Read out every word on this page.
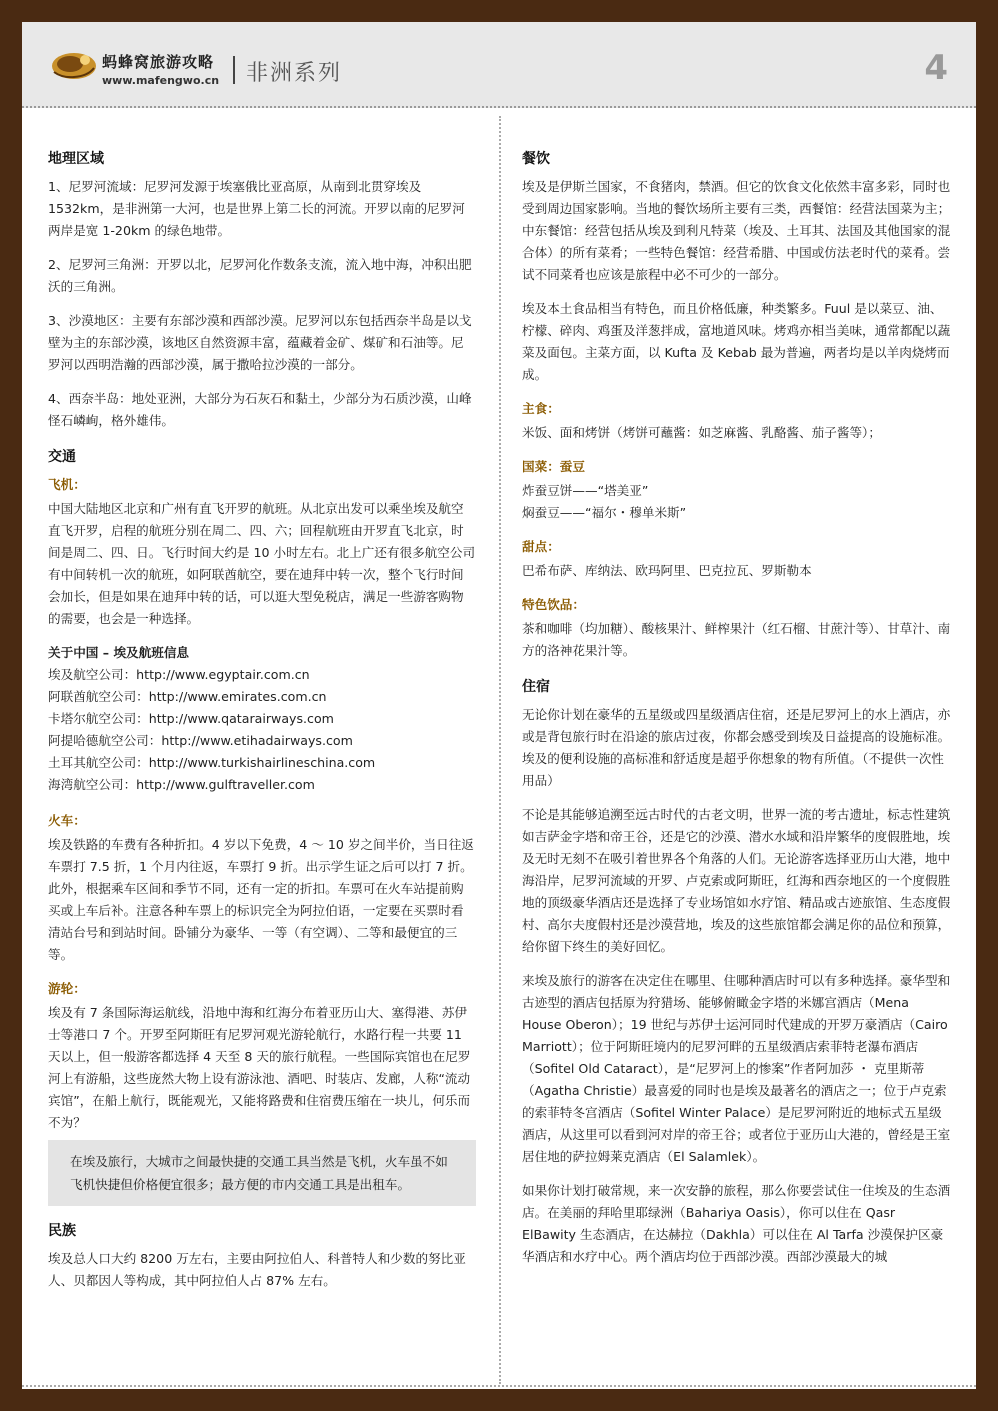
蚂蜂窝旅游攻略
www.mafengwo.cn 非洲系列	4
地理区域

1、尼罗河流域：尼罗河发源于埃塞俄比亚高原，从南到北贯穿埃及1532km，是非洲第一大河，也是世界上第二长的河流。开罗以南的尼罗河两岸是宽 1-20km 的绿色地带。

2、尼罗河三角洲：开罗以北，尼罗河化作数条支流，流入地中海，冲积出肥沃的三角洲。

3、沙漠地区：主要有东部沙漠和西部沙漠。尼罗河以东包括西奈半岛是以戈壁为主的东部沙漠，该地区自然资源丰富，蕴藏着金矿、煤矿和石油等。尼罗河以西明浩瀚的西部沙漠，属于撒哈拉沙漠的一部分。

4、西奈半岛：地处亚洲，大部分为石灰石和黏土，少部分为石质沙漠，山峰怪石嶙峋，格外雄伟。

交通
飞机：

中国大陆地区北京和广州有直飞开罗的航班。从北京出发可以乘坐埃及航空直飞开罗，启程的航班分别在周二、四、六；回程航班由开罗直飞北京，时间是周二、四、日。飞行时间大约是 10 小时左右。北上广还有很多航空公司有中间转机一次的航班，如阿联酋航空，要在迪拜中转一次，整个飞行时间会加长，但是如果在迪拜中转的话，可以逛大型免税店，满足一些游客购物的需要，也会是一种选择。

关于中国 – 埃及航班信息
埃及航空公司：http://www.egyptair.com.cn
阿联酋航空公司：http://www.emirates.com.cn
卡塔尔航空公司：http://www.qatarairways.com
阿提哈德航空公司：http://www.etihadairways.com
土耳其航空公司：http://www.turkishairlineschina.com
海湾航空公司：http://www.gulftraveller.com
火车：

埃及铁路的车费有各种折扣。4 岁以下免费，4 ～ 10 岁之间半价，当日往返车票打 7.5 折，1 个月内往返，车票打 9 折。出示学生证之后可以打 7 折。此外，根据乘车区间和季节不同，还有一定的折扣。车票可在火车站提前购买或上车后补。注意各种车票上的标识完全为阿拉伯语，一定要在买票时看清站台号和到站时间。卧铺分为豪华、一等（有空调）、二等和最便宜的三等。

游轮：

埃及有 7 条国际海运航线，沿地中海和红海分布着亚历山大、塞得港、苏伊士等港口 7 个。开罗至阿斯旺有尼罗河观光游轮航行，水路行程一共要 11 天以上，但一般游客都选择 4 天至 8 天的旅行航程。一些国际宾馆也在尼罗河上有游船，这些庞然大物上设有游泳池、酒吧、时装店、发廊，人称“流动宾馆”，在船上航行，既能观光，又能将路费和住宿费压缩在一块儿，何乐而不为？

在埃及旅行，大城市之间最快捷的交通工具当然是飞机，火车虽不如飞机快捷但价格便宜很多；最方便的市内交通工具是出租车。
民族

埃及总人口大约 8200 万左右，主要由阿拉伯人、科普特人和少数的努比亚人、贝都因人等构成，其中阿拉伯人占 87% 左右。

餐饮

埃及是伊斯兰国家，不食猪肉，禁酒。但它的饮食文化依然丰富多彩，同时也受到周边国家影响。当地的餐饮场所主要有三类，西餐馆：经营法国菜为主；中东餐馆：经营包括从埃及到利凡特菜（埃及、土耳其、法国及其他国家的混合体）的所有菜肴；一些特色餐馆：经营希腊、中国或仿法老时代的菜肴。尝试不同菜肴也应该是旅程中必不可少的一部分。

埃及本土食品相当有特色，而且价格低廉，种类繁多。Fuul 是以菜豆、油、柠檬、碎肉、鸡蛋及洋葱拌成，富地道风味。烤鸡亦相当美味，通常都配以蔬菜及面包。主菜方面，以 Kufta 及 Kebab 最为普遍，两者均是以羊肉烧烤而成。

主食：

米饭、面和烤饼（烤饼可蘸酱：如芝麻酱、乳酪酱、茄子酱等）；

国菜：蚕豆
炸蚕豆饼——“塔美亚”
焖蚕豆——“福尔・穆单米斯”
甜点：

巴希布萨、库纳法、欧玛阿里、巴克拉瓦、罗斯勒本

特色饮品：

茶和咖啡（均加糖）、酸核果汁、鲜榨果汁（红石榴、甘蔗汁等）、甘草汁、南方的洛神花果汁等。

住宿

无论你计划在豪华的五星级或四星级酒店住宿，还是尼罗河上的水上酒店，亦或是背包旅行时在沿途的旅店过夜，你都会感受到埃及日益提高的设施标准。埃及的便利设施的高标准和舒适度是超乎你想象的物有所值。（不提供一次性用品）

不论是其能够追溯至远古时代的古老文明，世界一流的考古遗址，标志性建筑如吉萨金字塔和帝王谷，还是它的沙漠、潜水水域和沿岸繁华的度假胜地，埃及无时无刻不在吸引着世界各个角落的人们。无论游客选择亚历山大港，地中海沿岸，尼罗河流域的开罗、卢克索或阿斯旺，红海和西奈地区的一个度假胜地的顶级豪华酒店还是选择了专业场馆如水疗馆、精品或古迹旅馆、生态度假村、高尔夫度假村还是沙漠营地，埃及的这些旅馆都会满足你的品位和预算，给你留下终生的美好回忆。

来埃及旅行的游客在决定住在哪里、住哪种酒店时可以有多种选择。豪华型和古迹型的酒店包括原为狩猎场、能够俯瞰金字塔的米娜宫酒店（Mena House Oberon）；19 世纪与苏伊士运河同时代建成的开罗万豪酒店（Cairo Marriott）；位于阿斯旺境内的尼罗河畔的五星级酒店索菲特老瀑布酒店（Sofitel Old Cataract），是“尼罗河上的惨案”作者阿加莎 ・ 克里斯蒂（Agatha Christie）最喜爱的同时也是埃及最著名的酒店之一；位于卢克索的索菲特冬宫酒店（Sofitel Winter Palace）是尼罗河附近的地标式五星级酒店，从这里可以看到河对岸的帝王谷；或者位于亚历山大港的，曾经是王室居住地的萨拉姆莱克酒店（El Salamlek）。

如果你计划打破常规，来一次安静的旅程，那么你要尝试住一住埃及的生态酒店。在美丽的拜哈里耶绿洲（Bahariya Oasis），你可以住在 Qasr ElBawity 生态酒店，在达赫拉（Dakhla）可以住在 Al Tarfa 沙漠保护区豪华酒店和水疗中心。两个酒店均位于西部沙漠。西部沙漠最大的城
